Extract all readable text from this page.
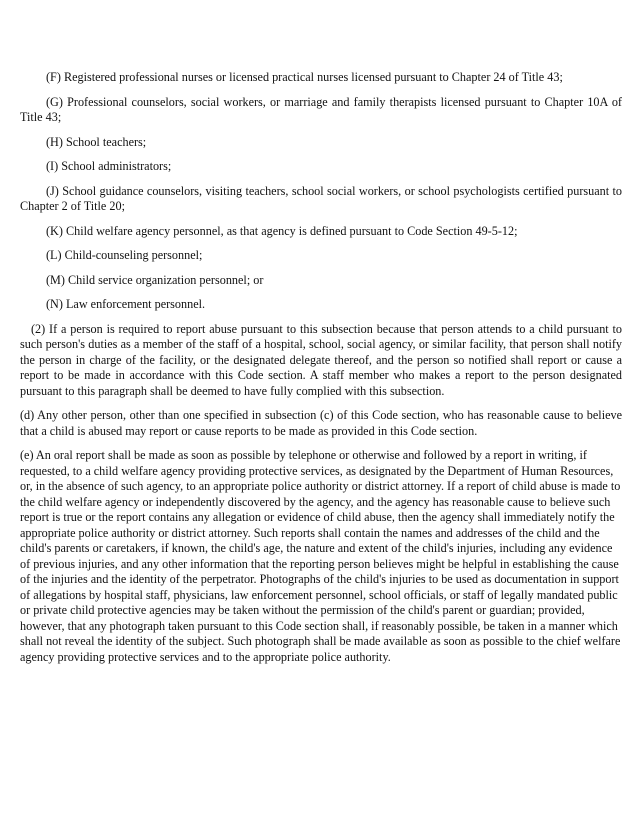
(F) Registered professional nurses or licensed practical nurses licensed pursuant to Chapter 24 of Title 43;

(G) Professional counselors, social workers, or marriage and family therapists licensed pursuant to Chapter 10A of Title 43;

(H) School teachers;

(I) School administrators;

(J) School guidance counselors, visiting teachers, school social workers, or school psychologists certified pursuant to Chapter 2 of Title 20;

(K) Child welfare agency personnel, as that agency is defined pursuant to Code Section 49-5-12;

(L) Child-counseling personnel;

(M) Child service organization personnel; or

(N) Law enforcement personnel.

(2) If a person is required to report abuse pursuant to this subsection because that person attends to a child pursuant to such person's duties as a member of the staff of a hospital, school, social agency, or similar facility, that person shall notify the person in charge of the facility, or the designated delegate thereof, and the person so notified shall report or cause a report to be made in accordance with this Code section. A staff member who makes a report to the person designated pursuant to this paragraph shall be deemed to have fully complied with this subsection.

(d) Any other person, other than one specified in subsection (c) of this Code section, who has reasonable cause to believe that a child is abused may report or cause reports to be made as provided in this Code section.

(e) An oral report shall be made as soon as possible by telephone or otherwise and followed by a report in writing, if requested, to a child welfare agency providing protective services, as designated by the Department of Human Resources, or, in the absence of such agency, to an appropriate police authority or district attorney. If a report of child abuse is made to the child welfare agency or independently discovered by the agency, and the agency has reasonable cause to believe such report is true or the report contains any allegation or evidence of child abuse, then the agency shall immediately notify the appropriate police authority or district attorney. Such reports shall contain the names and addresses of the child and the child's parents or caretakers, if known, the child's age, the nature and extent of the child's injuries, including any evidence of previous injuries, and any other information that the reporting person believes might be helpful in establishing the cause of the injuries and the identity of the perpetrator. Photographs of the child's injuries to be used as documentation in support of allegations by hospital staff, physicians, law enforcement personnel, school officials, or staff of legally mandated public or private child protective agencies may be taken without the permission of the child's parent or guardian; provided, however, that any photograph taken pursuant to this Code section shall, if reasonably possible, be taken in a manner which shall not reveal the identity of the subject. Such photograph shall be made available as soon as possible to the chief welfare agency providing protective services and to the appropriate police authority.
